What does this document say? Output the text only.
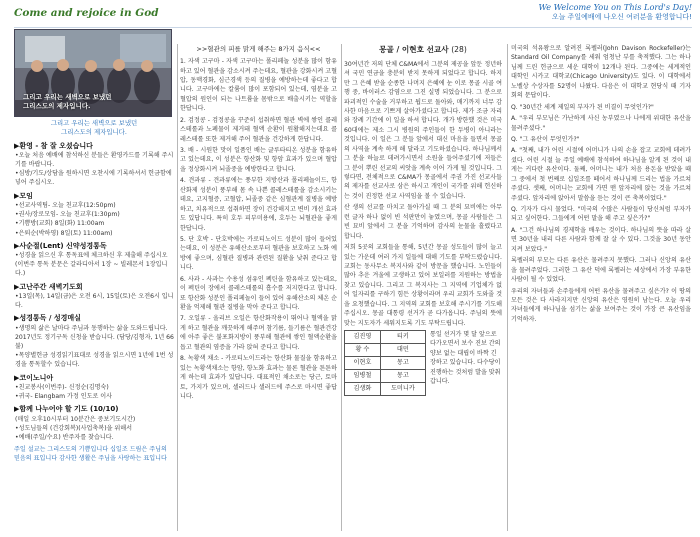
Come and rejoice in God	We Welcome You on This Lord's Day!
오늘 주일예배에 나오신 여러분을 환영합니다!
그리고 우리는 새벽으로 보냈던
그리스도의 제자입니다.
그리고 우리는 새벽으로 보냈던
그리스도의 제자입니다.
▶환영 - 참 잘 오셨습니다
•오늘 처음 예배에 참석하신 분들은 환영카드를 기록해 주시기를 바랍니다.
•심방/기도/상담을 원하시면 오찬시에 기록하셔서 헌금함에 넣어 주십시오.
▶모임
•선교사역팀- 오늘 친교후(12:50pm)
•권사/장로모임- 오늘 친교후(1:30pm)
•기쁨방(교회) 8일(화) 11:00am
•은퇴순(박하영) 8일(토) 11:00am)
▶사순절(Lent) 신약성경통독
•성경을 읽으신 후 통독표에 체크하신 후 제출해 주십시오 (이번주 통독 분문은 갈라디아서 1장 ~ 빌레몬서 1장입니다.)
▶고난주간 새벽기도회
•13일(목), 14일(금)은 오전 6시, 15일(토)은 오전6시 입니다.
▶성경통독 / 성경매실
•생명의 삶은 날마다 주님과 동행하는 삶을 도와드립니다. 2017년도 정기구독 신청을 받습니다. (담당/김형자, 1년 66불)
•목양별헌금 성경읽기표대로 성경을 읽으시면 1년에 1번 성경을 통독할수 있습니다.
▶코이노니아
•친교봉사(이번주)- 신정순(김명숙)
•귀국- Elangbam 가정 인도로 이사
▶함께 나누어야 할 기도 (10/10)
(매일 오후10시부터 10분간은 중보기도시간)
•성도님들의 (건강회복)(사업축복)을 위해서
•예배(주일/수요) 반주자를 찾습니다.
주일 설교는 그리스도의 기쁨입니다 십일조 드림은 주님의 믿음의 표입니다 감사한 생활은 주님을 사랑하는 표입니다
>>혈관의 피를 맑게 해주는 8가지 음식<<
1. 자색 고구마 - 자색 고구마는 폴리페놀 성분을 많이 함유하고 있어 혈관을 감소시켜 주는데요, 혈관을 강화시켜 고혈압, 동맥경화, 심근경색 등의 질병을 예방하는데 좋다고 합니다. 고구마에는 칼륨이 많이 포함되어 있는데, 염분을 고혈압의 원인이 되는 나트륨을 몸밖으로 배출시키는 역할을 한답니다.
2. 검정콩 - 검정콩을 꾸준히 섭취하면 혈관 벽에 쌓인 콜레스테롤과 노폐물이 제거돼 혈액 순환이 원활해지는데요 콜레스테롤 또한 제거해 주어 혈관을 건강하게 한답니다.
3. 배 - 시원한 맛이 일품인 배는 글루타티온 성분을 함유하고 있는데요, 이 성분은 항산화 및 항암 효과가 있으며 혈압을 정상화시켜 뇌졸중을 예방한다고 합니다.
4. 견과류 - 견과류에는 풍부한 지방산과 폴리페놀이드, 항산화제 성분이 풍부해 몸 속 나쁜 콜레스테롤을 감소시키는데요, 고지혈증, 고혈압, 뇌졸중 같은 심혈관계 질병을 예방하고, 치유적으로 섭취하면 장이 건강해지고 변비 개선 효과도 있답니다. 특히 호두 피부미용에, 호두는 뇌혈관을 좋게 한답니다.
5. 단 호박 - 단호박에는 카로티노이드 성분이 많이 들어있는데요, 이 성분은 유해산소로부터 혈관을 보호하고 노화 예방에 좋으며, 심혈관 질병과 관련된 질환을 낮춰 준다고 합니다.
6. 사과 - 사과는 수용성 섬유인 펙틴을 함유하고 있는데요, 이 펙틴이 장에서 콜레스테롤의 흡수를 저지한다고 합니다. 또 항산화 성분인 폴리페놀이 들어 있어 유해산소의 체온 순환을 억제해 혈관 질병을 막아 준다고 합니다.
7. 오일류 - 올리브 오일은 항산화작용이 뛰어나 혈액을 맑게 하고 혈관을 깨끗하게 해주며 참기름, 들기름은 혈관건강에 아주 좋은 불포화지방이 풍부해 혈관에 쌓인 혈액순환을 돕고 혈관의 염증을 가라 앉혀 준다고 합니다.
8. 녹황색 채소 - 카로티노이드라는 항산화 물질을 함유하고 있는 녹황색채소는 항암, 항노화 효과는 물론 혈관을 튼튼하게 하는데 효과가 있답니다. 대표적인 채소로는 당근, 토마토, 가지가 있으며, 셀러드나 샐러드에 주스로 마시면 좋답니다.
몽골 / 이현호 선교사 (28)
30여년간 저의 단체 C&MA에서 그분의 제공을 앞둔 정년하셔 국민 연금을 충분히 받지 못하게 되었다고 합니다. 하지만 그 은혜 받을 순종한 나머지 은혜에 눈 이로 몽골 시골 여행 중, 바이러스 감염으로 그진 실명 되었습니다. 그 분으로 파괴적인 수술을 거부하고 됩드로 돌아와, 매기까지 너무 감사한 마음으로 기쁘게 살아가셨다고 합니다. 제가 조금 자리와 장례 기간에 이 일을 하셔 합니다. 개가 방한했 것은 미국 60대에는 제소 그시 병원의 주인들이 한 두병이 아니라는 것입니다. 이 일은 그 분들 앞에서 대신 마음을 들면서 몽골의 사역을 계속 하게 해 달라고 기도하셨습니다. 하나님께서 그 분을 하늘로 데려가시면서 소원을 들어주셨기에 저들은 그 분이 뿌린 선교의 씨앗을 계속 이어 가게 될 것입니다. 그렇다면, 전체적으로 C&MA가 몽골에서 주권 가진 선교사들의 제자를 선교사로 삼은 하시고 개인이 국가를 위해 헌신하는 것이 진정한 선교 사역임을 볼 수 있습니다.
산 생의 선교를 마치고 돌아가실 때 그 분의 묘비에는 아무런 글자 하나 없이 빈 석판만이 놓였으며, 몽골 사람들은 그 빈 묘비 앞에서 그 분을 기억하며 감사의 눈물을 흘렸다고 합니다.
저희 5곳의 교회들을 통해, 5년간 몽골 성도들이 많이 늘고 있는 가운데 여러 가지 일들에 대해 기도를 부탁드렸습니다. 교회는 동사무소 복지사와 같이 방문을 했습니다. 노인들이 많아 추운 겨울에 고생하고 있어 보일러를 지원하는 방법을 찾고 있습니다. 그리고 그 복지사는 그 지역에 기업체가 없어 일자리를 구하기 힘든 상황이라며 우리 교회가 도와줄 것을 요청했습니다. 그 지역의 교회를 보호해 주시기를 기도해 주십시오. 몽골 대통령 선거가 곧 다가옵니다. 주님의 뜻에 맞는 지도자가 세워지도록 기도 부탁드립니다.
김진영	티키
황 수	대민
이현호	몽고
임병철	몽고
김생화	도미니카
통일 선거가 몇 달 앞으로 다가오면서 보수 진보 간의 양보 없는 대립이 바짝 긴장하고 있습니다. 다수당이 진행하는 것처럼 발을 맞춰 갑니다.
미국의 석유왕으로 알려진 록펠러(John Davison Rockefeller)는 Standard Oil Company를 세워 엄청난 부를 축적했다. 그는 하나님께 드린 헌금으로 세운 대학이 12개나 된다. 그중에는 세계적인 대학인 시카고 대학교(Chicago University)도 있다. 이 대학에서 노벨상 수상자를 52명이 나왔다. 다음은 이 대학교 현당식 때 기자회의 문답이다.
Q. "30년간 세계 제일의 부자가 된 비결이 무엇인가?"
A. "우리 부모님은 가난하게 사신 농부였으나 나에게 위대한 유산을 물려주셨다."
Q. "그 유산이 무엇인가?"
A. "첫째, 내가 어린 시절에 어머니가 나의 손을 잡고 교회에 데려가셨다. 어린 시절 늘 주일 예배에 참석하여 하나님을 알게 된 것이 내게는 커다란 유산이다. 둘째, 어머니는 내가 처음 용돈을 받았을 때 그 중에서 첫 번째로 십일조를 떼어서 하나님께 드리는 법을 가르쳐 주셨다. 셋째, 어머니는 교회에 가면 맨 앞자리에 앉는 것을 가르쳐 주셨다. 앞자리에 앉아서 말씀을 듣는 것이 큰 축복이었다."
Q. 기자가 다시 물었다. "미국의 수많은 사람들이 당신처럼 부자가 되고 싶어한다. 그들에게 어떤 말을 해 주고 싶은가?"
A. "그건 하나님의 경제학을 배우는 것이다. 하나님의 뜻을 따라 살면 30년을 내리 다른 사람과 함께 잘 살 수 있다. 그것을 30년 동안 지켜 보았다."
록펠러의 부모는 다른 유산은 물려주지 못했다. 그러나 신앙의 유산을 물려주었다. 그러한 그 유산 덕에 록펠러는 세상에서 가장 부유한 사람이 될 수 있었다.
우리의 자녀들과 손주들에게 어떤 유산을 물려주고 싶은가? 이 땅의 모든 것은 다 사라지지만 신앙의 유산은 영원히 남는다. 오늘 우리 자녀들에게 하나님을 섬기는 삶을 보여주는 것이 가장 큰 유산임을 기억하자.
